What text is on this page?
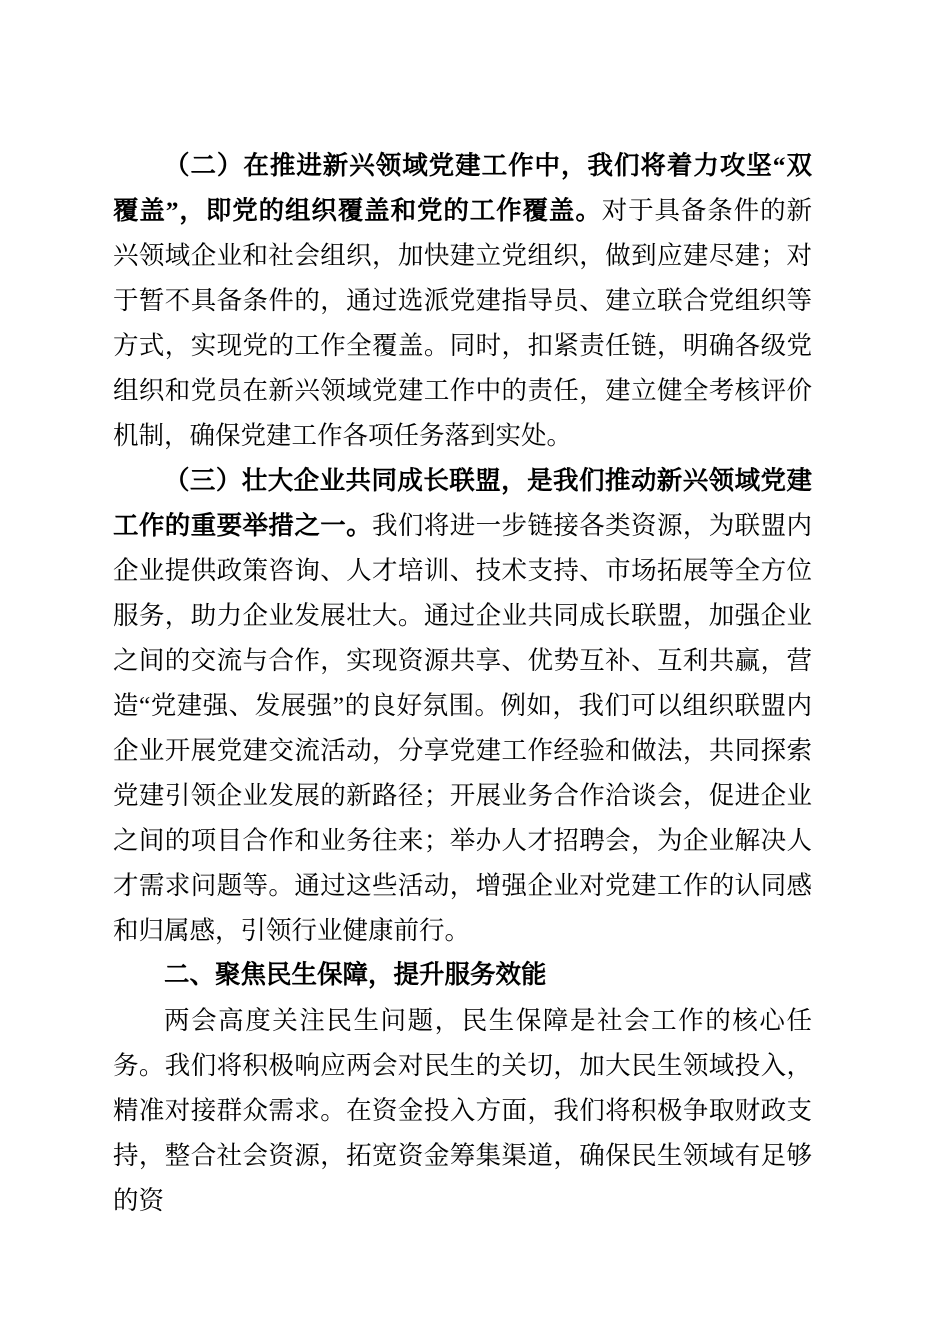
（二）在推进新兴领域党建工作中，我们将着力攻坚“双覆盖”，即党的组织覆盖和党的工作覆盖。对于具备条件的新兴领域企业和社会组织，加快建立党组织，做到应建尽建；对于暂不具备条件的，通过选派党建指导员、建立联合党组织等方式，实现党的工作全覆盖。同时，扣紧责任链，明确各级党组织和党员在新兴领域党建工作中的责任，建立健全考核评价机制，确保党建工作各项任务落到实处。

（三）壮大企业共同成长联盟，是我们推动新兴领域党建工作的重要举措之一。我们将进一步链接各类资源，为联盟内企业提供政策咨询、人才培训、技术支持、市场拓展等全方位服务，助力企业发展壮大。通过企业共同成长联盟，加强企业之间的交流与合作，实现资源共享、优势互补、互利共赢，营造“党建强、发展强”的良好氛围。例如，我们可以组织联盟内企业开展党建交流活动，分享党建工作经验和做法，共同探索党建引领企业发展的新路径；开展业务合作洽谈会，促进企业之间的项目合作和业务往来；举办人才招聘会，为企业解决人才需求问题等。通过这些活动，增强企业对党建工作的认同感和归属感，引领行业健康前行。

二、聚焦民生保障，提升服务效能

两会高度关注民生问题，民生保障是社会工作的核心任务。我们将积极响应两会对民生的关切，加大民生领域投入，精准对接群众需求。在资金投入方面，我们将积极争取财政支持，整合社会资源，拓宽资金筹集渠道，确保民生领域有足够的资
